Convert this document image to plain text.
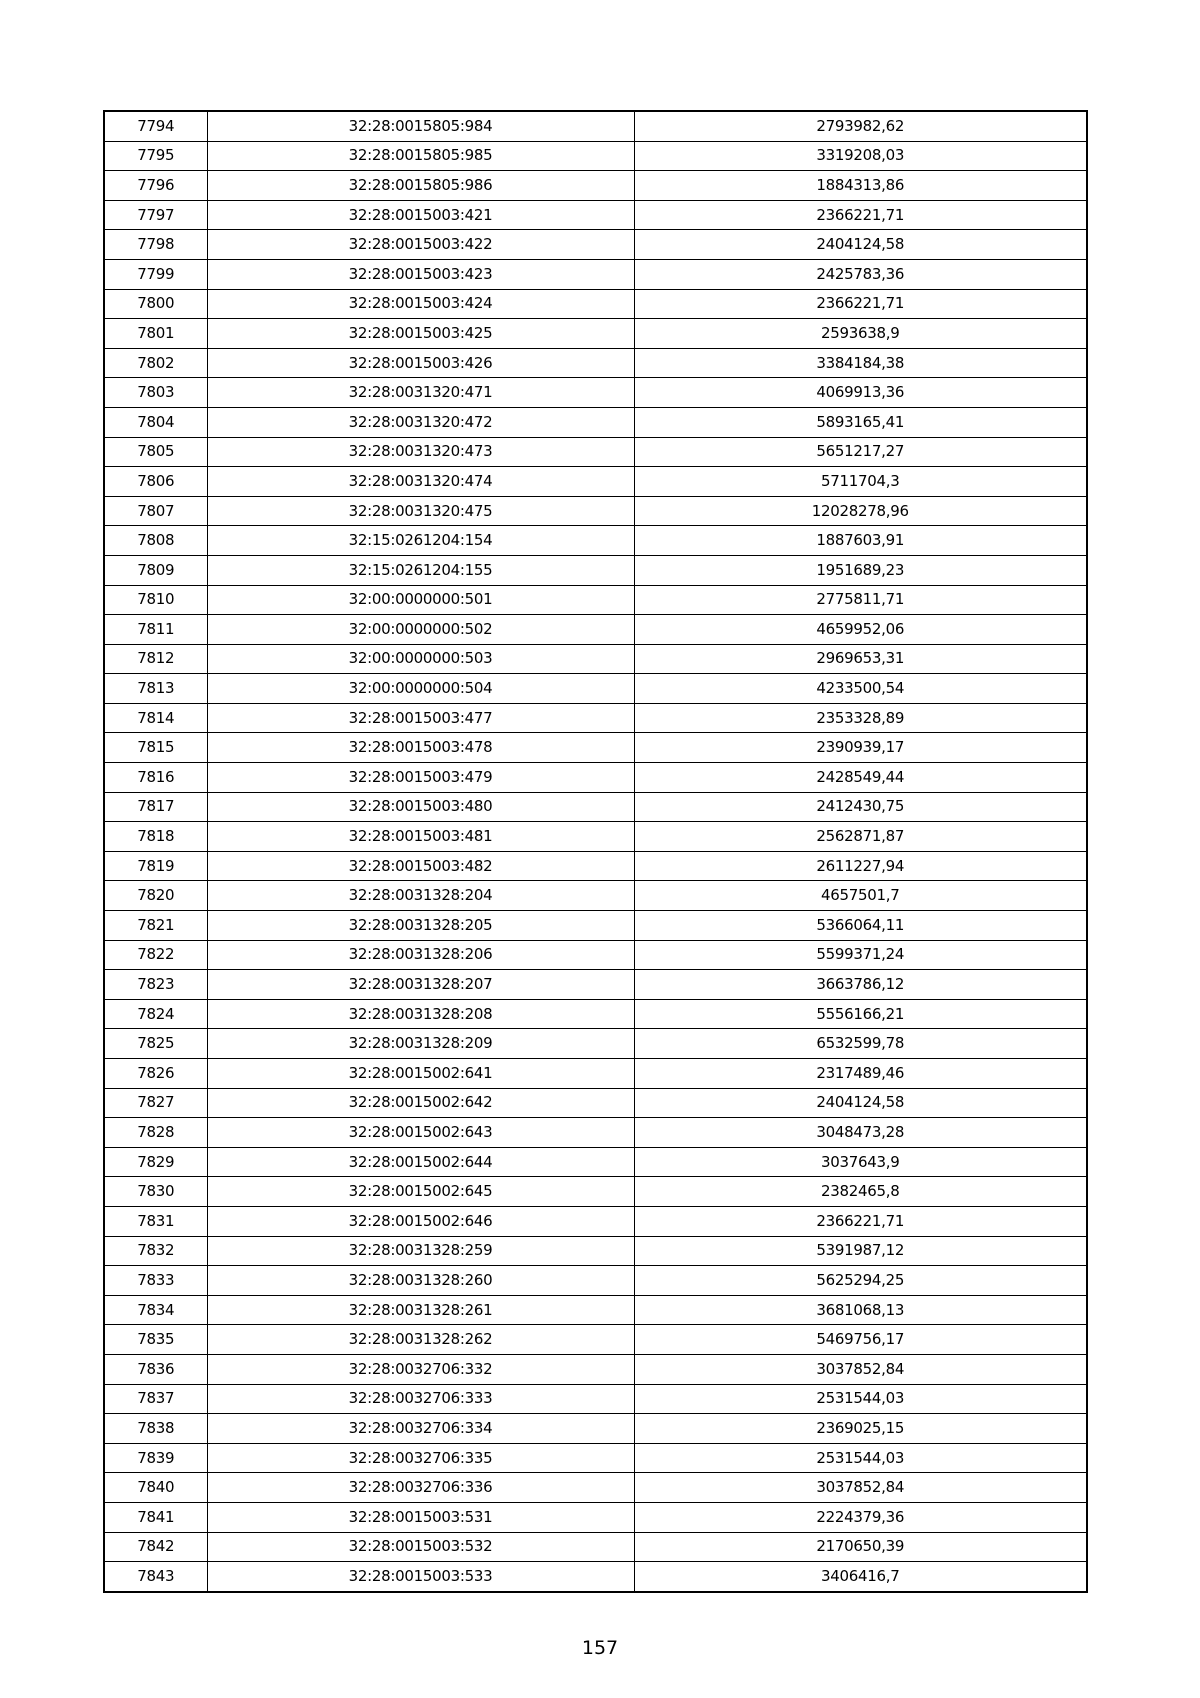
7794	32:28:0015805:984	2793982,62
7795	32:28:0015805:985	3319208,03
7796	32:28:0015805:986	1884313,86
7797	32:28:0015003:421	2366221,71
7798	32:28:0015003:422	2404124,58
7799	32:28:0015003:423	2425783,36
7800	32:28:0015003:424	2366221,71
7801	32:28:0015003:425	2593638,9
7802	32:28:0015003:426	3384184,38
7803	32:28:0031320:471	4069913,36
7804	32:28:0031320:472	5893165,41
7805	32:28:0031320:473	5651217,27
7806	32:28:0031320:474	5711704,3
7807	32:28:0031320:475	12028278,96
7808	32:15:0261204:154	1887603,91
7809	32:15:0261204:155	1951689,23
7810	32:00:0000000:501	2775811,71
7811	32:00:0000000:502	4659952,06
7812	32:00:0000000:503	2969653,31
7813	32:00:0000000:504	4233500,54
7814	32:28:0015003:477	2353328,89
7815	32:28:0015003:478	2390939,17
7816	32:28:0015003:479	2428549,44
7817	32:28:0015003:480	2412430,75
7818	32:28:0015003:481	2562871,87
7819	32:28:0015003:482	2611227,94
7820	32:28:0031328:204	4657501,7
7821	32:28:0031328:205	5366064,11
7822	32:28:0031328:206	5599371,24
7823	32:28:0031328:207	3663786,12
7824	32:28:0031328:208	5556166,21
7825	32:28:0031328:209	6532599,78
7826	32:28:0015002:641	2317489,46
7827	32:28:0015002:642	2404124,58
7828	32:28:0015002:643	3048473,28
7829	32:28:0015002:644	3037643,9
7830	32:28:0015002:645	2382465,8
7831	32:28:0015002:646	2366221,71
7832	32:28:0031328:259	5391987,12
7833	32:28:0031328:260	5625294,25
7834	32:28:0031328:261	3681068,13
7835	32:28:0031328:262	5469756,17
7836	32:28:0032706:332	3037852,84
7837	32:28:0032706:333	2531544,03
7838	32:28:0032706:334	2369025,15
7839	32:28:0032706:335	2531544,03
7840	32:28:0032706:336	3037852,84
7841	32:28:0015003:531	2224379,36
7842	32:28:0015003:532	2170650,39
7843	32:28:0015003:533	3406416,7
157
